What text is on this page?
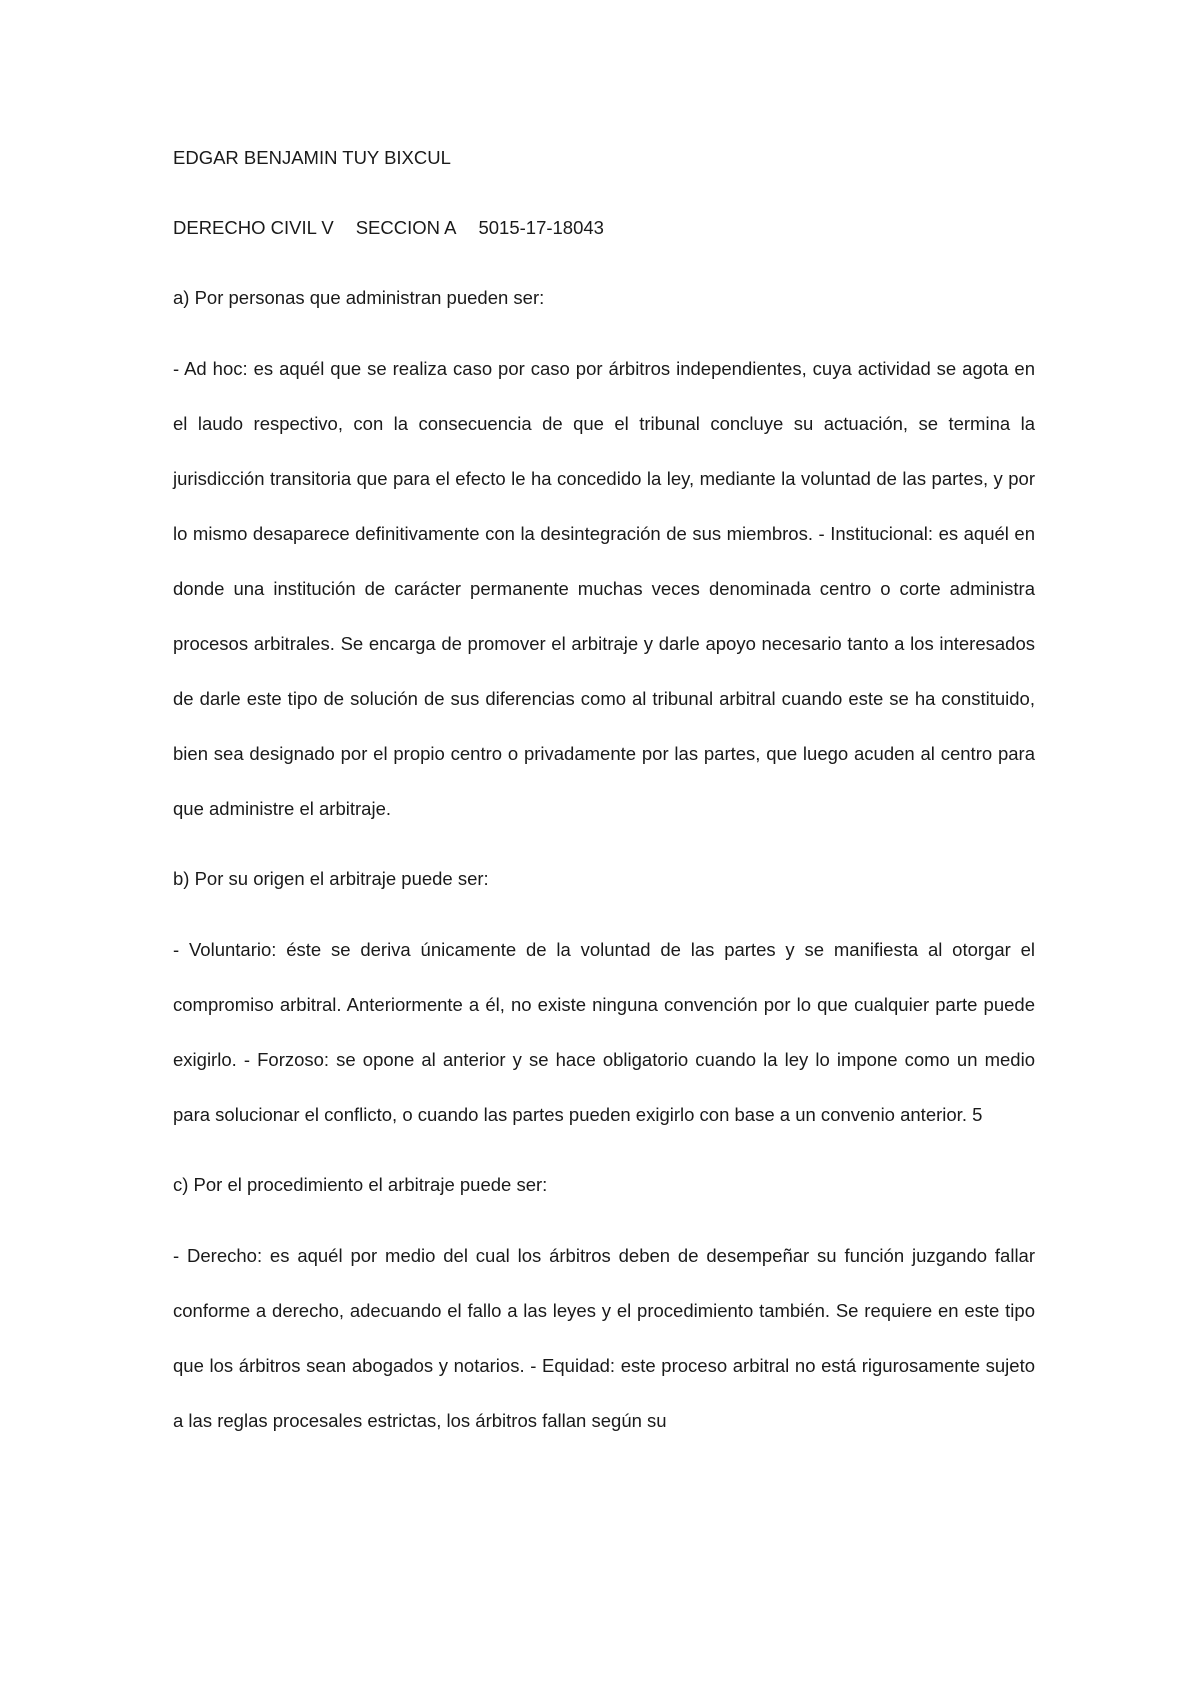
EDGAR BENJAMIN TUY BIXCUL

DERECHO CIVIL V SECCION A 5015-17-18043

a) Por personas que administran pueden ser:

- Ad hoc: es aquél que se realiza caso por caso por árbitros independientes, cuya actividad se agota en el laudo respectivo, con la consecuencia de que el tribunal concluye su actuación, se termina la jurisdicción transitoria que para el efecto le ha concedido la ley, mediante la voluntad de las partes, y por lo mismo desaparece definitivamente con la desintegración de sus miembros. - Institucional: es aquél en donde una institución de carácter permanente muchas veces denominada centro o corte administra procesos arbitrales. Se encarga de promover el arbitraje y darle apoyo necesario tanto a los interesados de darle este tipo de solución de sus diferencias como al tribunal arbitral cuando este se ha constituido, bien sea designado por el propio centro o privadamente por las partes, que luego acuden al centro para que administre el arbitraje.

b) Por su origen el arbitraje puede ser:

- Voluntario: éste se deriva únicamente de la voluntad de las partes y se manifiesta al otorgar el compromiso arbitral. Anteriormente a él, no existe ninguna convención por lo que cualquier parte puede exigirlo. - Forzoso: se opone al anterior y se hace obligatorio cuando la ley lo impone como un medio para solucionar el conflicto, o cuando las partes pueden exigirlo con base a un convenio anterior. 5

c) Por el procedimiento el arbitraje puede ser:

- Derecho: es aquél por medio del cual los árbitros deben de desempeñar su función juzgando fallar conforme a derecho, adecuando el fallo a las leyes y el procedimiento también. Se requiere en este tipo que los árbitros sean abogados y notarios. - Equidad: este proceso arbitral no está rigurosamente sujeto a las reglas procesales estrictas, los árbitros fallan según su
